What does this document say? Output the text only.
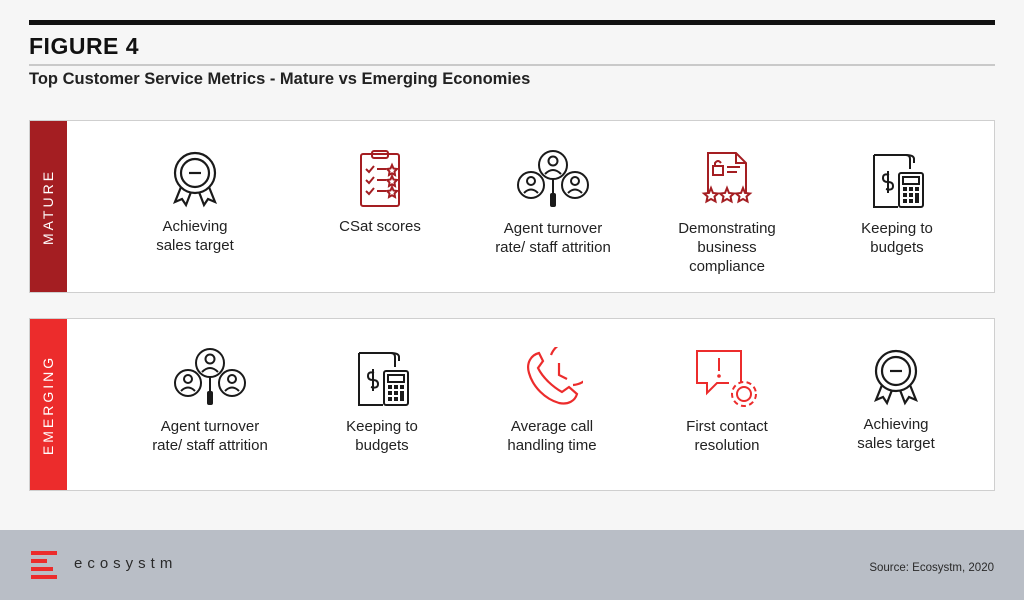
FIGURE 4
Top Customer Service Metrics - Mature vs Emerging Economies
MATURE	Achieving
sales target
CSat scores	Agent turnover
rate/ staff attrition
Demonstrating
business
compliance
Keeping to
budgets
EMERGING	Agent turnover
rate/ staff attrition
Keeping to
budgets
Average call
handling time
First contact
resolution
Achieving
sales target
ecosystm	Source: Ecosystm, 2020
